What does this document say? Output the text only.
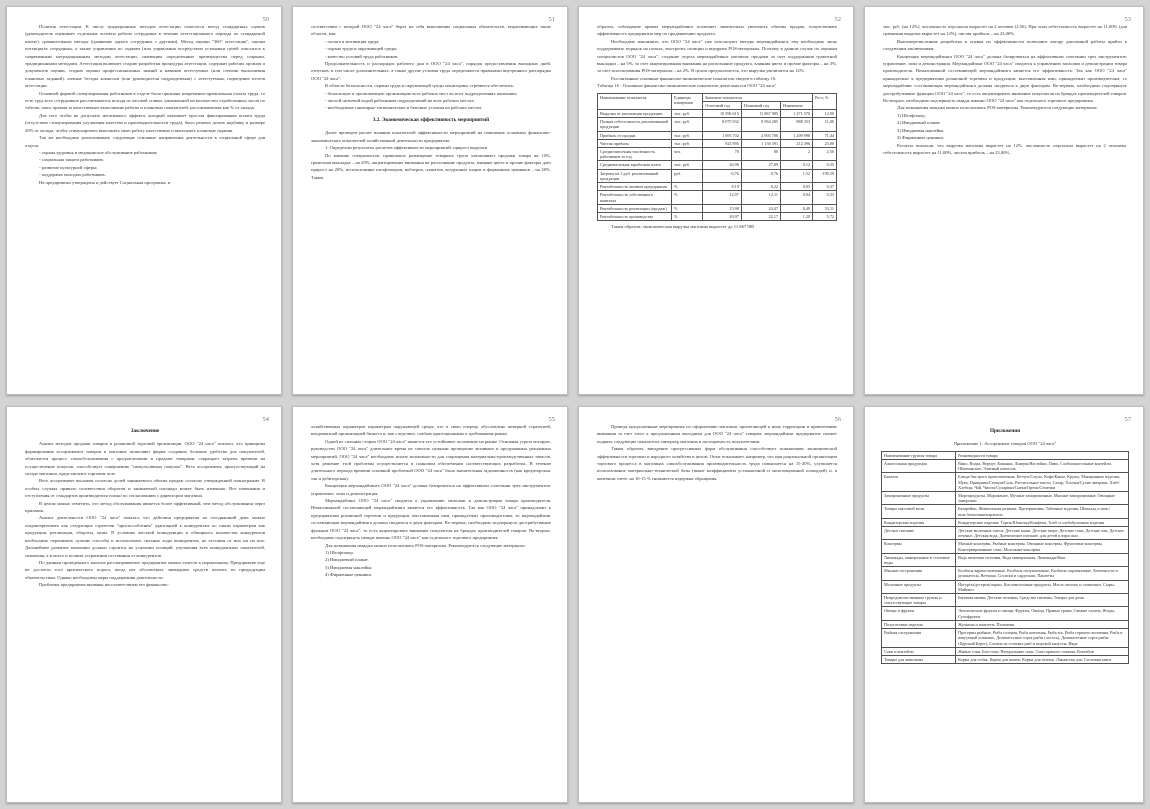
50

Полития аттестации. К числу традиционных методов аттестации относится метод стандартных оценок (руководитель оценивает отдельные аспекты работы сотрудника в течение аттестационного периода по стандартной шкале), сравнительные методы (сравнение одного сотрудника с другими). Метод оценки "360° аттестация", оценка потенциала сотрудника, а также управления по задачам (или управления посредством установки целей относится к современным нетрадиционным методам аттестации, имеющим определенные преимущества перед старыми, традиционными методами. Аттестация включает стадию разработки процедуры аттестации, содержит рабочих органов и документов оценки, стадию оценки профессиональных знаний и навыков аттестуемых (или степени выполнения плановых заданий), личные беседы комиссии (или руководителя подразделения) с аттестуемым, подведение итогов аттестации.

Основной формой стимулирования работников в отделе была признана повременно-премиальная оплата труда, то есть труд всех сотрудников рассчитывается исходя из часовой ставки, умноженной на количество отработанных часов по табелю, плюс премия за качественное выполнение работы и плановых показателей, рассчитываемая как % от оклада.

Для того чтобы не допускать негативного эффекта, который оказывает простая фиксированная оплата труда (отсутствие стимулирования улучшения качества и производительности труда), было решено делать надбавку в размере 20% от оклада, чтобы стимулировать выполнять свою работу качественно и выполнять плановые задания.

Так же необходимо реализовывать следующие основные направления деятельности в социальной сфере для отдела:

- охрана здоровья и медицинское обслуживание работников;

- социальная защита работников;

- развитие культурной сферы;

- поддержка молодых работников.

На предприятии утверждена и действует Социальная программа, в

51

соответствии с которой ООО "24 часа" берет на себя выполнение социальных обязательств, затрагивающих такие области, как:

- оплата и мотивация труда;

- охрана труда и окружающей среды;

- качество условий труда работников.

Продолжительность и распорядок рабочего дня в ООО "24 часа", порядок предоставления выходных дней, отпусков, в том числе дополнительных, а также другие условия труда определяются правилами внутреннего распорядка ООО "24 часа".

В области безопасности, охраны труда и окружающей среды мониторинг стремится обеспечить:

- безопасную и эргономичную организацию всех рабочих мест во всех подразделениях компании;

- чистой питьевой водой работников подразделений на всех рабочих местах;

- необходимые санитарно-гигиенические и бытовые условия на рабочих местах.

3.2. Экономическая эффективность мероприятий

Далее проведем расчет влияния показателей эффективности мероприятий на изменение основных финансово-экономических показателей хозяйственной деятельности предприятия.

1. Определим результаты расчетов эффективности мероприятий: прирост выручки

По мнению специалистов, правильное размещение товарных групп увеличивает продажи товара на 10%, грамотная выкладка – на 20%, акцентирование внимания на распознание продукта, влияние цвета и прочие факторы дает прирост на 20%, использование шелфтокеров, воблеров, плакатов, воздушных шаров и фирменных ценников – на 20%. Таким

52

образом, соблюдение правил мерчандайзинга позволяет значительно увеличить объемы продаж, почувствовать эффективность предприятия мер по продвижению продукта.

Необходимо напомнить, что ООО "24 часа" уже используют методы мерчандайзинга, ему необходимо лишь поддерживать порядок на полках, выстроить позиции и внедрить POS-материалы. Поэтому в данном случае по оценкам специалистов ООО "24 часа", создание отдела мерчандайзинга увеличит продажи за счет поддержания грамотной выкладки – на 5%, за счет акцентирования внимания на распознание продукта, влияния цвета и прочие факторы – на 3%, за счет использования POS-материалы – на 2%. В целом предполагается, что выручка увеличится на 12%.

Рассчитанные основные финансово-экономические показатели сведем в таблицу 16.

Таблица 16 - Основные финансово-экономические показатели деятельности ООО "24 часа"

Наименование показателя	Единицы измерения	Значение показателя			Рост, %
		Отчетный год	Плановый год	Изменение	
Выручка от реализации продукции	тыс. руб.	10 596 615	11 867 985	1 271 370	12,00
Полная себестоимость реализованной продукции	тыс. руб.	8 075 932	8 964 285	888 353	11,00
Прибыль от продаж	тыс. руб.	1 693 702	2 903 700	1 209 998	71,44
Чистая прибыль	тыс. руб.	923 895	1 136 391	212 496	23,00
Среднесписочная численность работников за год	чел.	78	80	2	2,56
Среднемесячная заработная плата	тыс. руб.	26,96	27,09	0,12	0,35
Затраты на 1 руб. реализованной продукции	руб.	-0,76	0,76	1,52	-199,39
Рентабельность активов предприятия	%	8,19	8,22	0,03	0,37
Рентабельность собственного капитала	%	12,07	12,11	0,04	0,33
Рентабельность реализации (продаж)	%	15,98	24,47	8,49	53,11
Рентабельность производства	%	20,97	22,17	1,20	5,72

Таким образом, экономическая выручка магазина вырастет до 11 867 985

53

тыс. руб. (на 12%), численность персонала вырастет на 2 человек (2,56). При этом себестоимость вырастет на 11,00% (для сравнения выручка вырастет на 12%), чистая прибыль – на 23,00%.

Вышеперечисленная разработка и оценка их эффективности позволяют автору дипломной работы прийти к следующим заключениям.

Концепция мерчандайзинга ООО "24 часа" должна базироваться на эффективном сочетании трех инструментов: управление, залы и демонстрация. Мерчандайзинг ООО "24 часа" сводится к управлению запасами и демонстрации товара производителя. Немаловажной составляющей мерчандайзинга является его эффективность. Так как ООО "24 часа" принадлежит к предприятиям розничной торговли и продукции, выставленная ими, принадлежит производителям, то мерчандайзинг составляющая мерчандайзинга должна сводиться к двум факторам. Во-первых, необходимо подчеркнуть дистрибутивные функции ООО "24 часа", то есть акцентировать внимание покупателя на брендах производителей товаров. Во-вторых, необходимо подчеркнуть имидж именно ООО "24 часа" как отдельного торгового предприятия.

Для повышения имиджа можно использовать POS-материалы. Рекомендуются следующие материалы:

1) Шелфтокер.

2) Имиджевый плакат.

3) Имиджевая наклейка.

4) Фирменные ценники.

Расчеты показали, что выручка магазина вырастет на 12%, численность персонала вырастет на 2 человека, себестоимость вырастет на 11,00%, чистая прибыль – на 23,00%.

54
Заключение

Анализ методов продажи товаров в розничной торговой организации, ООО "24 часа" показал, что принципы формирования ассортимента товаров в магазине позволяют фирме создавать большие удобства для покупателей, облегчается процесс самообслуживания с предлагаемыми в продаже товарами, сокращает затраты времени на осуществление покупок, способствует совершению "импульсивных покупок". Весь ассортимент, присутствующий на складе магазина, представлен в торговом зале.

Весь ассортимент выложен согласно долей занимаемого объема продаж согласно утвержденной планограмме. В особых случаях правило соответствия оборотов и занимаемой площади может быть изменено. Все изменения и отступления от стандартов производителя только по согласованию с директором магазина.

В целом можно отметить, что метод обслуживания является более эффективный, чем метод обслуживания через прилавок.

Анализ деятельности ООО "24 часа" показал, что действия предприятия на сегодняшний день можно охарактеризовать как следующие стратегии "приспособления" адаптацией к конкурентам по таким параметрам как продукция, реализация, обороты, цены. В условиях жесткой конкуренции и обширного количества конкурентов необходимо перенимать лучшие способы и использовать сильные ходы конкурентов, не отставая от них ни на шаг. Дальнейшее развитие компании должно строится на усилении позиций, улучшения всех конкурентных показателей, снижения, а в чисто и полном устранении отставания от конкурентов.

По данным проведенного анализа рассматриваемое предприятие можно отнести к нормальному. Предприятие еще не достигло того критического порога, когда нет абсолютных ликвидных средств платить по предыдущим обязательствам. Однако необходимы меры поддержания деятельности.

Проблемы предприятия вызваны несоответствием его финансово-

55

хозяйственных параметров параметрам окружающей среды, что в свою очередь обусловлено неверной стратегией, неадекватной организацией бизнеса и, как следствие, слабым адаптационным к требованиям рынка.

Одной из сильных сторон ООО "24 часа" является его устойчивое положение на рынке. Основная угроза которую, руководство ООО "24 часа" длительное время не считало нужным проведение активных и продуманных рекламных мероприятий. ООО "24 часа" необходимо искать возможности для сокращения материально-производственных запасов, хотя решение этой проблемы осуществляется в плановом обеспечении соответствующих разработок. В течение длительного периода времени основной проблемой ООО "24 часа" была значительная задолженность (как кредиторская, так и дебиторская).

Концепция мерчандайзинга ООО "24 часа" должна базироваться на эффективном сочетании трех инструментов: управление, залы и демонстрация.

Мерчандайзинг ООО "24 часа" сводится к управлению запасами и демонстрации товара производителя. Немаловажной составляющей мерчандайзинга является его эффективность. Так как ООО "24 часа" принадлежит к предприятиям розничной торговли и продукции, выставленная ими, принадлежит производителям, то мерчандайзинг составляющая мерчандайзинга должна сводиться к двум факторам. Во-первых, необходимо подчеркнуть дистрибутивные функции ООО "24 часа", то есть акцентировать внимание покупателя на брендах производителей товаров. Во-вторых, необходимо подчеркнуть имидж именно ООО "24 часа" как отдельного торгового предприятия.

Для повышения имиджа можно использовать POS-материалы. Рекомендуются следующие материалы:

1) Шелфтокер.

2) Имиджевый плакат.

3) Имиджевая наклейка.

4) Фирменные ценники.

56

Проведя предложенные мероприятия по оформлению магазина, прилегающей к нему территории и привлечению внимания за счет этого к предложенным выгодным для ООО "24 часа" товарам, мерчандайзинг предприятие сможет поднять следующие показатели: интерьер магазина и посещаемость покупателями.

Таким образом, внедрение прогрессивных форм обслуживания способствует повышению экономической эффективности торговли и народного хозяйства в целом. Опыт показывает, например, что при рациональной организации торгового процесса в магазинах самообслуживания производительность труда повышается на 15-20%, улучшается использование материально-технической базы (выше коэффициенты установочной и экспозиционной площадей) и, в конечном счете, на 10-15 % снижаются издержки обращения.

57
Приложения

Приложение 1. Ассортимент товаров ООО "24 часа"

Наименование группы товара	Разновидности товара
Алкогольная продукция	Вино, Водка, Вермут, Коньяки, Ликеры/Настойки, Пиво, Слабоалкогольные коктейли, Шампанское, Элитный алкоголь
Бакалея	Блюда быстрого приготовления, Кетчуп/Соусы, Кофе/Какао, Крупы, Макаронные изделия, Мука, Приправы/Специи/Соль, Растительное масло, Сахар, Хлопья/Сухие завтраки, Хлеб/Хлебцы, Чай, Чипсы/Сухарики/Снеки/Орехи/Семечки
Замороженные продукты	Морепродукты, Мороженое, Мучные замороженные, Мясные замороженные, Овощные заморозки
Товары массовой воли	Батарейки, Жевательная резинка, Презервативы, Табачные изделия, Шоколад и шок./шок.батончики/карамель
Кондитерские изделия	Кондитерские изделия: Торты/Шоколад/Конфеты, Хлеб и хлебобулочные изделия
Детское питание	Детские молочные смеси, Детские каши, Детские пюре, Детские соки, Детские чаи, Детское печенье, Детская вода, Диетическое питание, для детей и взрослых
Консервы	Мясные консервы, Рыбные консервы, Овощные консервы, Фруктовые консервы, Консервированные соки, Молочные консервы
Лимонады, минеральные и столовые воды	Вода питьевая столовая, Вода минеральная, Лимонады/Квас
Мясные гастрономия	Колбасы варено-копченые, Колбасы полукопченые, Колбасы сыровяленые, Копчености и деликатесы, Ветчина, Сосиски и сардельки, Паштеты
Молочные продукты	Йогурты/десерты/сырки, Кисломолочные продукты, Масло молоко и сливочное, Сыры, Майонез
Непродовольственные группы и сопутствующие товары	Бытовая химия, Детские пеленки, Средства гигиены, Товары для дома
Овощи и фрукты	Экзотические фрукты и овощи, Фрукты, Овощи, Пряные травы, Свежие салаты, Ягоды, Сухофрукты
Полуготовые изделия	Жульены и паштеты, Пельмени
Рыбная гастрономия	Пресервы рыбные, Рыба соленая, Рыба копченая, Рыба в/к, Рыба горячего копчения, Рыба в вакуумной упаковке, Деликатесные сорта рыбы (лосось), Деликатесные сорта рыбы (Царский Берег), Салаты из соленых рыб и морской капусты, Икра
Соки и коктейли	Живые соки, Био-соки, Натуральные соки, Соки прямого отжима, Коктейли
Товары для животных	Корма для собак, Корма для кошек, Корма для птичек, Лакомства для, Столовые нити
